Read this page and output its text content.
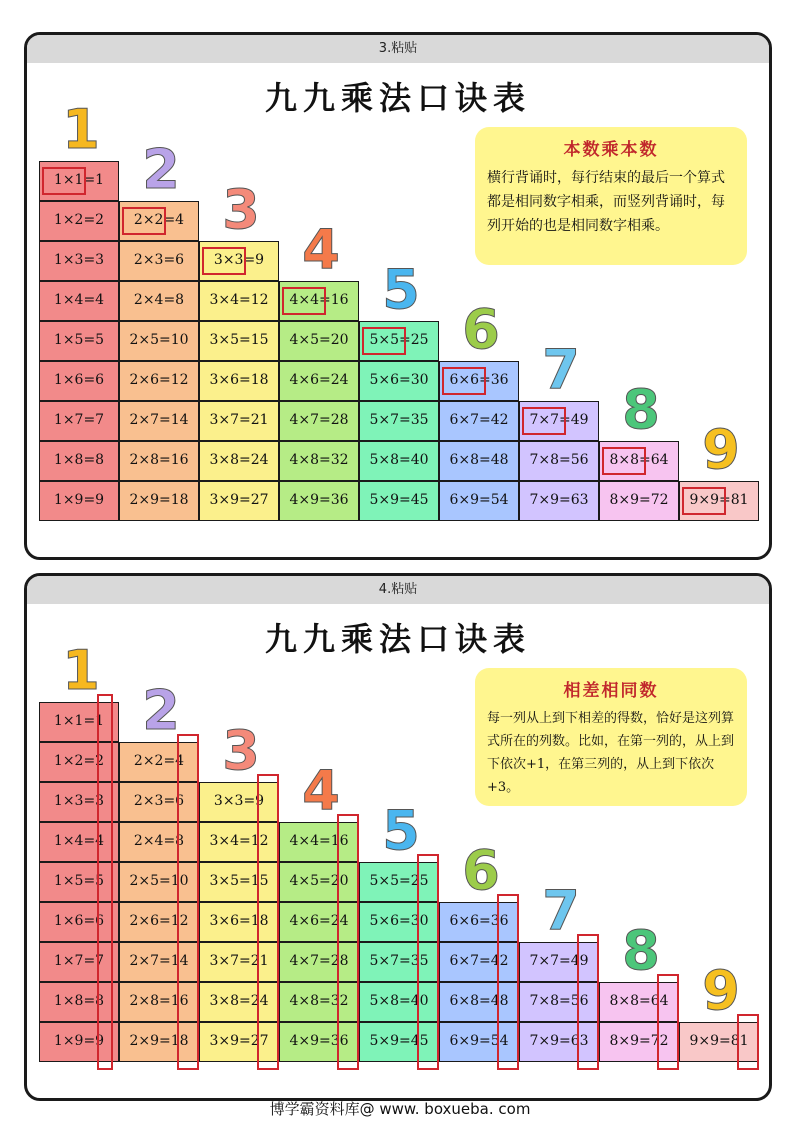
3.粘贴
九九乘法口诀表
本数乘本数

横行背诵时，每行结束的最后一个算式都是相同数字相乘，而竖列背诵时，每列开始的也是相同数字相乘。

1
1×1=1
1×2=2
1×3=3
1×4=4
1×5=5
1×6=6
1×7=7
1×8=8
1×9=9
2
2×2=4
2×3=6
2×4=8
2×5=10
2×6=12
2×7=14
2×8=16
2×9=18
3
3×3=9
3×4=12
3×5=15
3×6=18
3×7=21
3×8=24
3×9=27
4
4×4=16
4×5=20
4×6=24
4×7=28
4×8=32
4×9=36
5
5×5=25
5×6=30
5×7=35
5×8=40
5×9=45
6
6×6=36
6×7=42
6×8=48
6×9=54
7
7×7=49
7×8=56
7×9=63
8
8×8=64
8×9=72
9
9×9=81
4.粘贴
九九乘法口诀表
相差相同数

每一列从上到下相差的得数，恰好是这列算式所在的列数。比如，在第一列的，从上到下依次+1，在第三列的，从上到下依次+3。

1
1×1=1
1×2=2
1×3=3
1×4=4
1×5=5
1×6=6
1×7=7
1×8=8
1×9=9
2
2×2=4
2×3=6
2×4=8
2×5=10
2×6=12
2×7=14
2×8=16
2×9=18
3
3×3=9
3×4=12
3×5=15
3×6=18
3×7=21
3×8=24
3×9=27
4
4×4=16
4×5=20
4×6=24
4×7=28
4×8=32
4×9=36
5
5×5=25
5×6=30
5×7=35
5×8=40
5×9=45
6
6×6=36
6×7=42
6×8=48
6×9=54
7
7×7=49
7×8=56
7×9=63
8
8×8=64
8×9=72
9
9×9=81
博学霸资料库@ www. boxueba. com
